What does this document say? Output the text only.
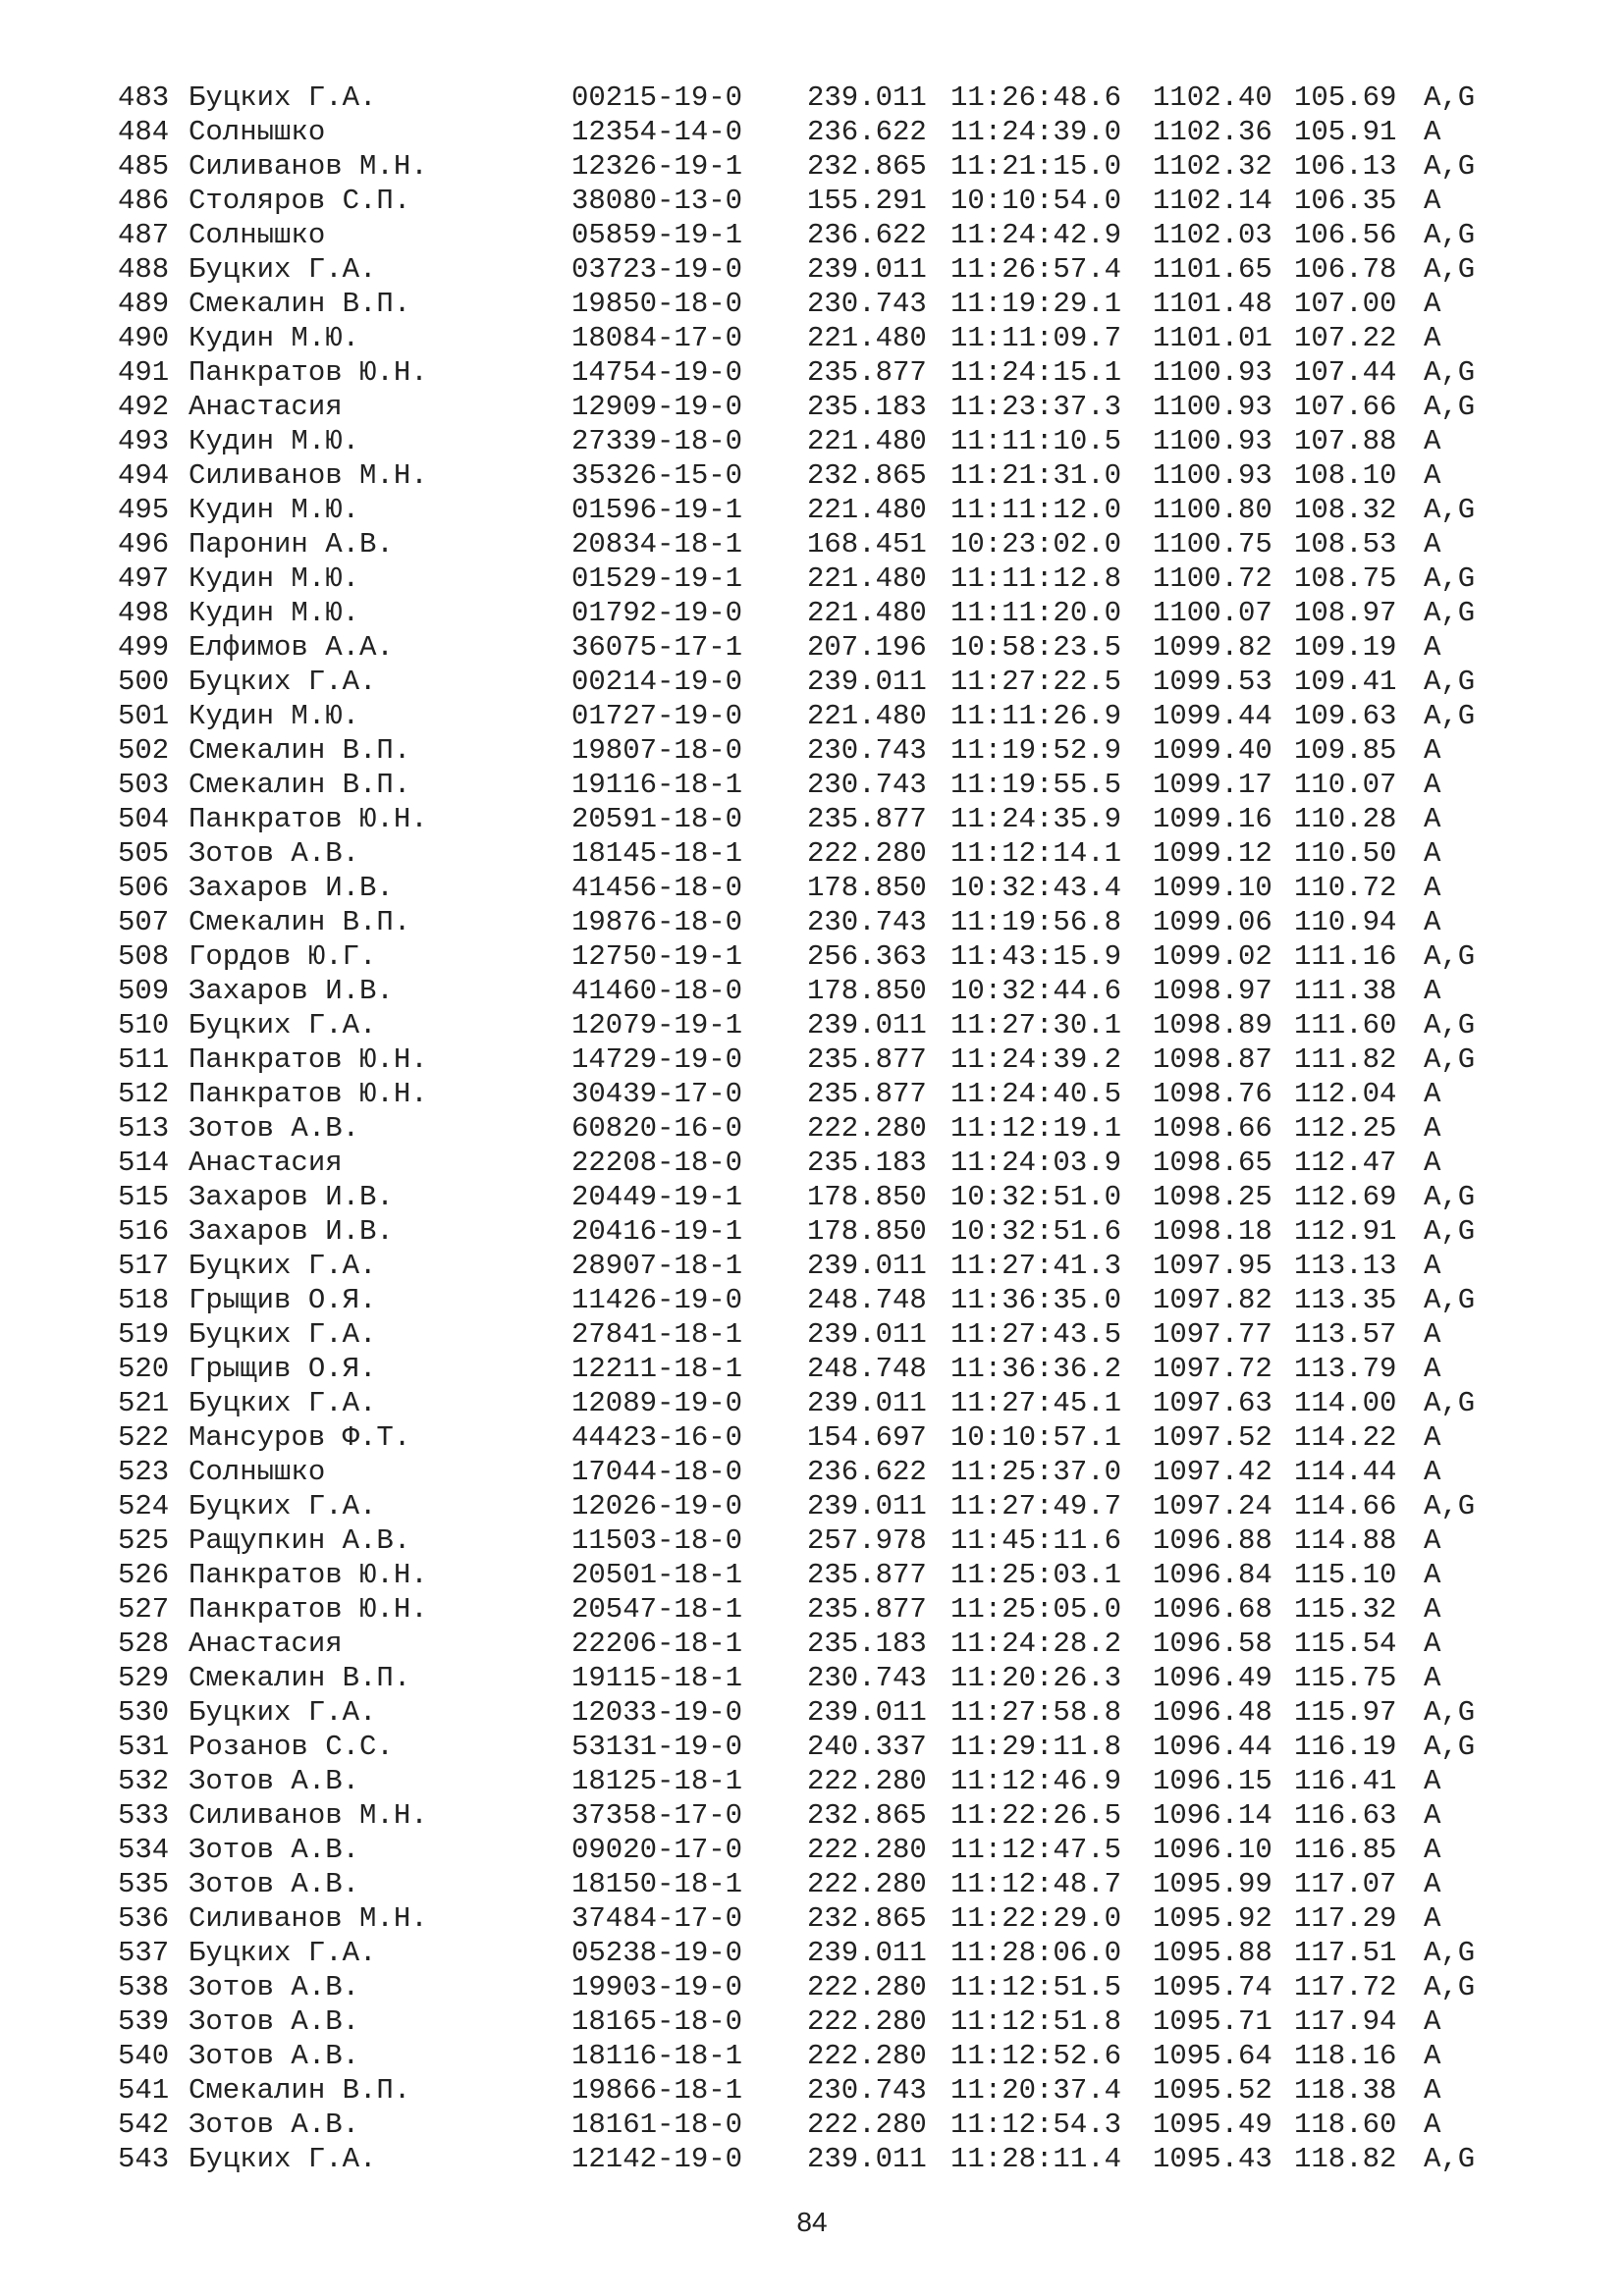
483 Буцких Г.А.	00215-19-0 239.011 11:26:48.6 1102.40 105.69 A,G
484 Солнышко	12354-14-0 236.622 11:24:39.0 1102.36 105.91 A
485 Силиванов М.Н.	12326-19-1 232.865 11:21:15.0 1102.32 106.13 A,G
486 Столяров С.П.	38080-13-0 155.291 10:10:54.0 1102.14 106.35 A
487 Солнышко	05859-19-1 236.622 11:24:42.9 1102.03 106.56 A,G
488 Буцких Г.А.	03723-19-0 239.011 11:26:57.4 1101.65 106.78 A,G
489 Смекалин В.П.	19850-18-0 230.743 11:19:29.1 1101.48 107.00 A
490 Кудин М.Ю.	18084-17-0 221.480 11:11:09.7 1101.01 107.22 A
491 Панкратов Ю.Н.	14754-19-0 235.877 11:24:15.1 1100.93 107.44 A,G
492 Анастасия	12909-19-0 235.183 11:23:37.3 1100.93 107.66 A,G
493 Кудин М.Ю.	27339-18-0 221.480 11:11:10.5 1100.93 107.88 A
494 Силиванов М.Н.	35326-15-0 232.865 11:21:31.0 1100.93 108.10 A
495 Кудин М.Ю.	01596-19-1 221.480 11:11:12.0 1100.80 108.32 A,G
496 Паронин А.В.	20834-18-1 168.451 10:23:02.0 1100.75 108.53 A
497 Кудин М.Ю.	01529-19-1 221.480 11:11:12.8 1100.72 108.75 A,G
498 Кудин М.Ю.	01792-19-0 221.480 11:11:20.0 1100.07 108.97 A,G
499 Елфимов А.А.	36075-17-1 207.196 10:58:23.5 1099.82 109.19 A
500 Буцких Г.А.	00214-19-0 239.011 11:27:22.5 1099.53 109.41 A,G
501 Кудин М.Ю.	01727-19-0 221.480 11:11:26.9 1099.44 109.63 A,G
502 Смекалин В.П.	19807-18-0 230.743 11:19:52.9 1099.40 109.85 A
503 Смекалин В.П.	19116-18-1 230.743 11:19:55.5 1099.17 110.07 A
504 Панкратов Ю.Н.	20591-18-0 235.877 11:24:35.9 1099.16 110.28 A
505 Зотов А.В.	18145-18-1 222.280 11:12:14.1 1099.12 110.50 A
506 Захаров И.В.	41456-18-0 178.850 10:32:43.4 1099.10 110.72 A
507 Смекалин В.П.	19876-18-0 230.743 11:19:56.8 1099.06 110.94 A
508 Гордов Ю.Г.	12750-19-1 256.363 11:43:15.9 1099.02 111.16 A,G
509 Захаров И.В.	41460-18-0 178.850 10:32:44.6 1098.97 111.38 A
510 Буцких Г.А.	12079-19-1 239.011 11:27:30.1 1098.89 111.60 A,G
511 Панкратов Ю.Н.	14729-19-0 235.877 11:24:39.2 1098.87 111.82 A,G
512 Панкратов Ю.Н.	30439-17-0 235.877 11:24:40.5 1098.76 112.04 A
513 Зотов А.В.	60820-16-0 222.280 11:12:19.1 1098.66 112.25 A
514 Анастасия	22208-18-0 235.183 11:24:03.9 1098.65 112.47 A
515 Захаров И.В.	20449-19-1 178.850 10:32:51.0 1098.25 112.69 A,G
516 Захаров И.В.	20416-19-1 178.850 10:32:51.6 1098.18 112.91 A,G
517 Буцких Г.А.	28907-18-1 239.011 11:27:41.3 1097.95 113.13 A
518 Грыщив О.Я.	11426-19-0 248.748 11:36:35.0 1097.82 113.35 A,G
519 Буцких Г.А.	27841-18-1 239.011 11:27:43.5 1097.77 113.57 A
520 Грыщив О.Я.	12211-18-1 248.748 11:36:36.2 1097.72 113.79 A
521 Буцких Г.А.	12089-19-0 239.011 11:27:45.1 1097.63 114.00 A,G
522 Мансуров Ф.Т.	44423-16-0 154.697 10:10:57.1 1097.52 114.22 A
523 Солнышко	17044-18-0 236.622 11:25:37.0 1097.42 114.44 A
524 Буцких Г.А.	12026-19-0 239.011 11:27:49.7 1097.24 114.66 A,G
525 Ращупкин А.В.	11503-18-0 257.978 11:45:11.6 1096.88 114.88 A
526 Панкратов Ю.Н.	20501-18-1 235.877 11:25:03.1 1096.84 115.10 A
527 Панкратов Ю.Н.	20547-18-1 235.877 11:25:05.0 1096.68 115.32 A
528 Анастасия	22206-18-1 235.183 11:24:28.2 1096.58 115.54 A
529 Смекалин В.П.	19115-18-1 230.743 11:20:26.3 1096.49 115.75 A
530 Буцких Г.А.	12033-19-0 239.011 11:27:58.8 1096.48 115.97 A,G
531 Розанов С.С.	53131-19-0 240.337 11:29:11.8 1096.44 116.19 A,G
532 Зотов А.В.	18125-18-1 222.280 11:12:46.9 1096.15 116.41 A
533 Силиванов М.Н.	37358-17-0 232.865 11:22:26.5 1096.14 116.63 A
534 Зотов А.В.	09020-17-0 222.280 11:12:47.5 1096.10 116.85 A
535 Зотов А.В.	18150-18-1 222.280 11:12:48.7 1095.99 117.07 A
536 Силиванов М.Н.	37484-17-0 232.865 11:22:29.0 1095.92 117.29 A
537 Буцких Г.А.	05238-19-0 239.011 11:28:06.0 1095.88 117.51 A,G
538 Зотов А.В.	19903-19-0 222.280 11:12:51.5 1095.74 117.72 A,G
539 Зотов А.В.	18165-18-0 222.280 11:12:51.8 1095.71 117.94 A
540 Зотов А.В.	18116-18-1 222.280 11:12:52.6 1095.64 118.16 A
541 Смекалин В.П.	19866-18-1 230.743 11:20:37.4 1095.52 118.38 A
542 Зотов А.В.	18161-18-0 222.280 11:12:54.3 1095.49 118.60 A
543 Буцких Г.А.	12142-19-0 239.011 11:28:11.4 1095.43 118.82 A,G
84
